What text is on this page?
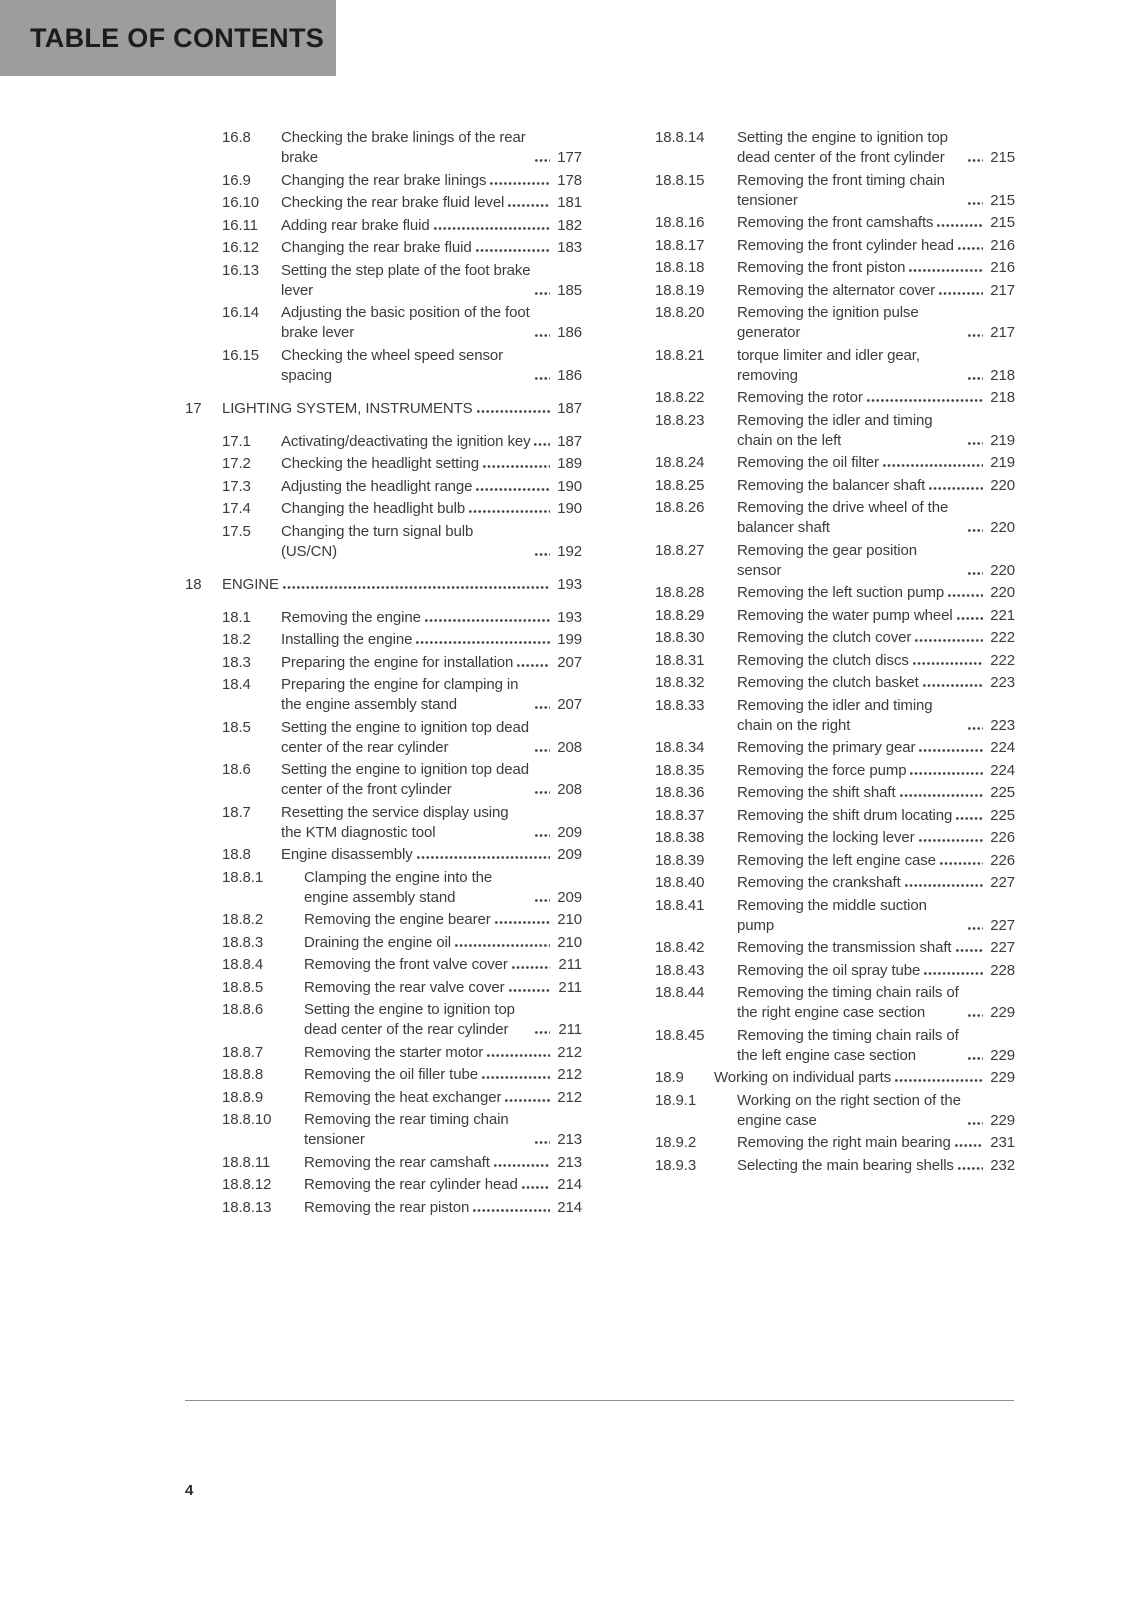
TABLE OF CONTENTS
16.8	Checking the brake linings of the rear brake	177
16.9	Changing the rear brake linings	178
16.10	Checking the rear brake fluid level	181
16.11	Adding rear brake fluid	182
16.12	Changing the rear brake fluid	183
16.13	Setting the step plate of the foot brake lever	185
16.14	Adjusting the basic position of the foot brake lever	186
16.15	Checking the wheel speed sensor spacing	186
17	LIGHTING SYSTEM, INSTRUMENTS	187
17.1	Activating/deactivating the ignition key	187
17.2	Checking the headlight setting	189
17.3	Adjusting the headlight range	190
17.4	Changing the headlight bulb	190
17.5	Changing the turn signal bulb (US/CN)	192
18	ENGINE	193
18.1	Removing the engine	193
18.2	Installing the engine	199
18.3	Preparing the engine for installation	207
18.4	Preparing the engine for clamping in the engine assembly stand	207
18.5	Setting the engine to ignition top dead center of the rear cylinder	208
18.6	Setting the engine to ignition top dead center of the front cylinder	208
18.7	Resetting the service display using the KTM diagnostic tool	209
18.8	Engine disassembly	209
18.8.1	Clamping the engine into the engine assembly stand	209
18.8.2	Removing the engine bearer	210
18.8.3	Draining the engine oil	210
18.8.4	Removing the front valve cover	211
18.8.5	Removing the rear valve cover	211
18.8.6	Setting the engine to ignition top dead center of the rear cylinder	211
18.8.7	Removing the starter motor	212
18.8.8	Removing the oil filler tube	212
18.8.9	Removing the heat exchanger	212
18.8.10	Removing the rear timing chain tensioner	213
18.8.11	Removing the rear camshaft	213
18.8.12	Removing the rear cylinder head	214
18.8.13	Removing the rear piston	214
18.8.14	Setting the engine to ignition top dead center of the front cylinder	215
18.8.15	Removing the front timing chain tensioner	215
18.8.16	Removing the front camshafts	215
18.8.17	Removing the front cylinder head	216
18.8.18	Removing the front piston	216
18.8.19	Removing the alternator cover	217
18.8.20	Removing the ignition pulse generator	217
18.8.21	torque limiter and idler gear, removing	218
18.8.22	Removing the rotor	218
18.8.23	Removing the idler and timing chain on the left	219
18.8.24	Removing the oil filter	219
18.8.25	Removing the balancer shaft	220
18.8.26	Removing the drive wheel of the balancer shaft	220
18.8.27	Removing the gear position sensor	220
18.8.28	Removing the left suction pump	220
18.8.29	Removing the water pump wheel	221
18.8.30	Removing the clutch cover	222
18.8.31	Removing the clutch discs	222
18.8.32	Removing the clutch basket	223
18.8.33	Removing the idler and timing chain on the right	223
18.8.34	Removing the primary gear	224
18.8.35	Removing the force pump	224
18.8.36	Removing the shift shaft	225
18.8.37	Removing the shift drum locating	225
18.8.38	Removing the locking lever	226
18.8.39	Removing the left engine case	226
18.8.40	Removing the crankshaft	227
18.8.41	Removing the middle suction pump	227
18.8.42	Removing the transmission shaft	227
18.8.43	Removing the oil spray tube	228
18.8.44	Removing the timing chain rails of the right engine case section	229
18.8.45	Removing the timing chain rails of the left engine case section	229
18.9	Working on individual parts	229
18.9.1	Working on the right section of the engine case	229
18.9.2	Removing the right main bearing	231
18.9.3	Selecting the main bearing shells	232
4
